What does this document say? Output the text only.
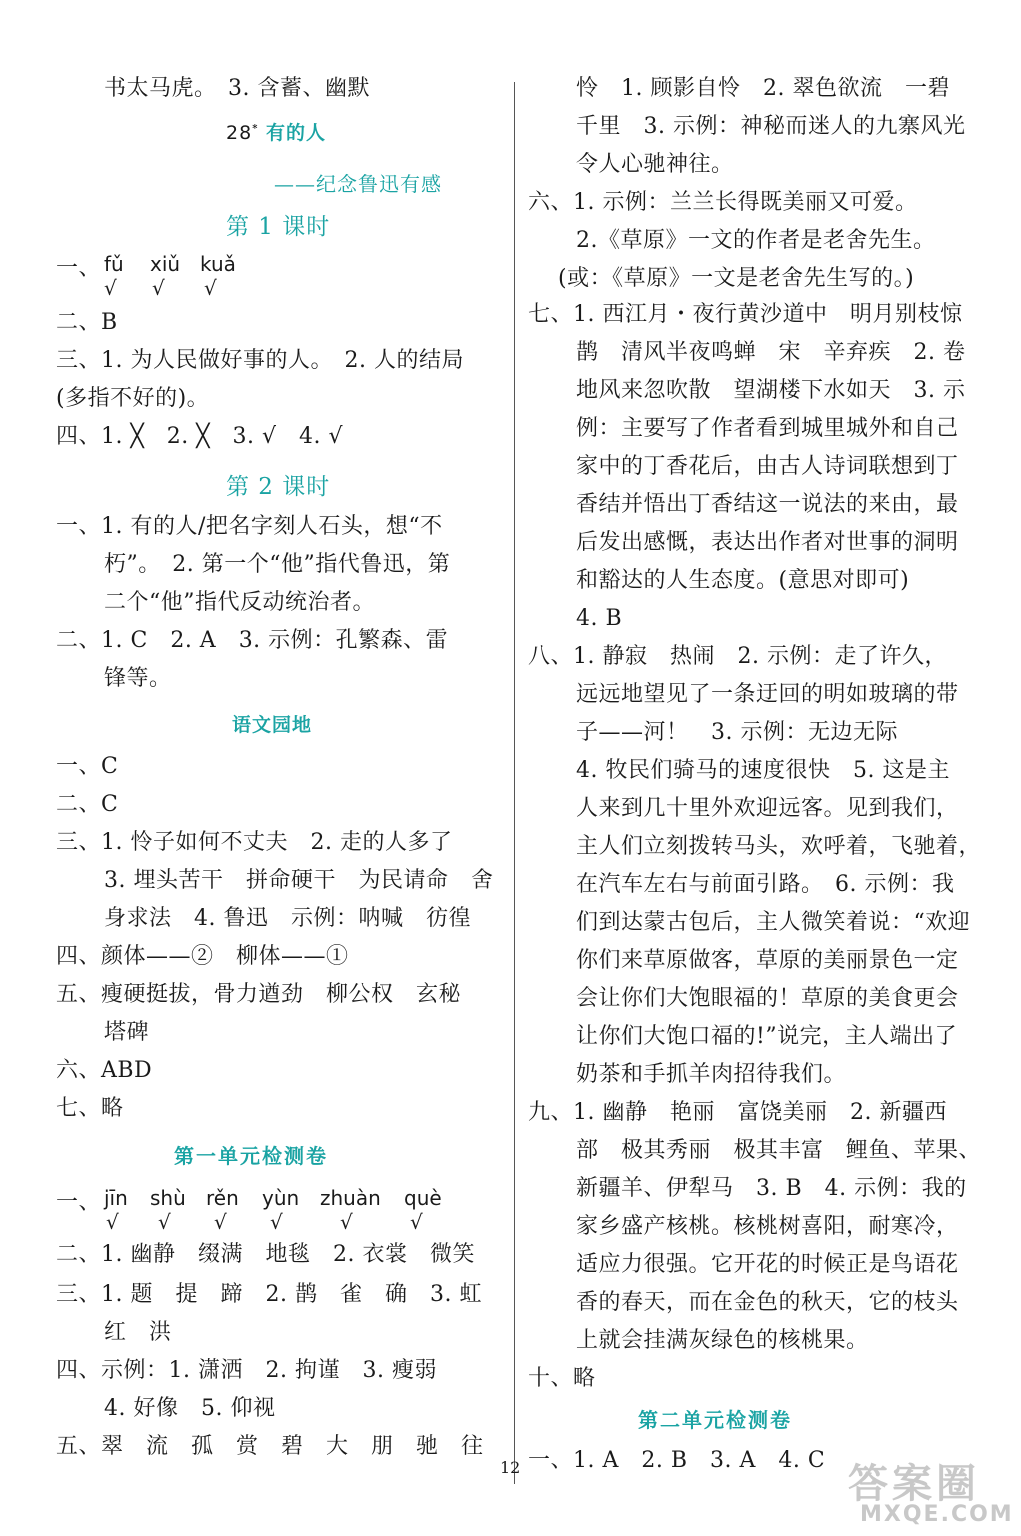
书太马虎。　3. 含蓄、幽默
28* 有的人
——纪念鲁迅有感
第 1 课时
一、 fǔ xiǔ kuǎ
√ √ √
二、B
三、1. 为人民做好事的人。　2. 人的结局
(多指不好的)。
四、1. ╳　2. ╳　3. √　4. √
第 2 课时
一、1. 有的人/把名字刻人石头，想“不
朽”。　2. 第一个“他”指代鲁迅，第
二个“他”指代反动统治者。
二、1. C　2. A　3. 示例：孔繁森、雷
锋等。
语文园地
一、C
二、C
三、1. 怜子如何不丈夫　2. 走的人多了
3. 埋头苦干　拼命硬干　为民请命　舍
身求法　4. 鲁迅　示例：呐喊　彷徨
四、颜体——②　柳体——①
五、瘦硬挺拔，骨力遒劲　柳公权　玄秘
塔碑
六、ABD
七、略
第一单元检测卷
一、 jīn shù rěn yùn zhuàn què
√ √ √ √	√	√
二、1. 幽静　缀满　地毯　2. 衣裳　微笑
三、1. 题　提　蹄　2. 鹊　雀　确　3. 虹
红　洪
四、示例：1. 潇洒　2. 拘谨　3. 瘦弱
4. 好像　5. 仰视
五、翠　流　孤　赏　碧　大　朋　驰　往
怜　1. 顾影自怜　2. 翠色欲流　一碧
千里　3. 示例：神秘而迷人的九寨风光
令人心驰神往。
六、1. 示例：兰兰长得既美丽又可爱。
2.《草原》一文的作者是老舍先生。
(或：《草原》一文是老舍先生写的。)
七、1. 西江月・夜行黄沙道中　明月别枝惊
鹊　清风半夜鸣蝉　宋　辛弃疾　2. 卷
地风来忽吹散　望湖楼下水如天　3. 示
例：主要写了作者看到城里城外和自己
家中的丁香花后，由古人诗词联想到丁
香结并悟出丁香结这一说法的来由，最
后发出感慨，表达出作者对世事的洞明
和豁达的人生态度。(意思对即可)
4. B
八、1. 静寂　热闹　2. 示例：走了许久，
远远地望见了一条迂回的明如玻璃的带
子——河！　3. 示例：无边无际
4. 牧民们骑马的速度很快　5. 这是主
人来到几十里外欢迎远客。见到我们，
主人们立刻拨转马头，欢呼着，飞驰着，
在汽车左右与前面引路。　6. 示例：我
们到达蒙古包后，主人微笑着说：“欢迎
你们来草原做客，草原的美丽景色一定
会让你们大饱眼福的！草原的美食更会
让你们大饱口福的!”说完，主人端出了
奶茶和手抓羊肉招待我们。
九、1. 幽静　艳丽　富饶美丽　2. 新疆西
部　极其秀丽　极其丰富　鲤鱼、苹果、
新疆羊、伊犁马　3. B　4. 示例：我的
家乡盛产核桃。核桃树喜阳，耐寒冷，
适应力很强。它开花的时候正是鸟语花
香的春天，而在金色的秋天，它的枝头
上就会挂满灰绿色的核桃果。
十、略
第二单元检测卷
一、1. A　2. B　3. A　4. C
12	答案圈
MXQE.COM
